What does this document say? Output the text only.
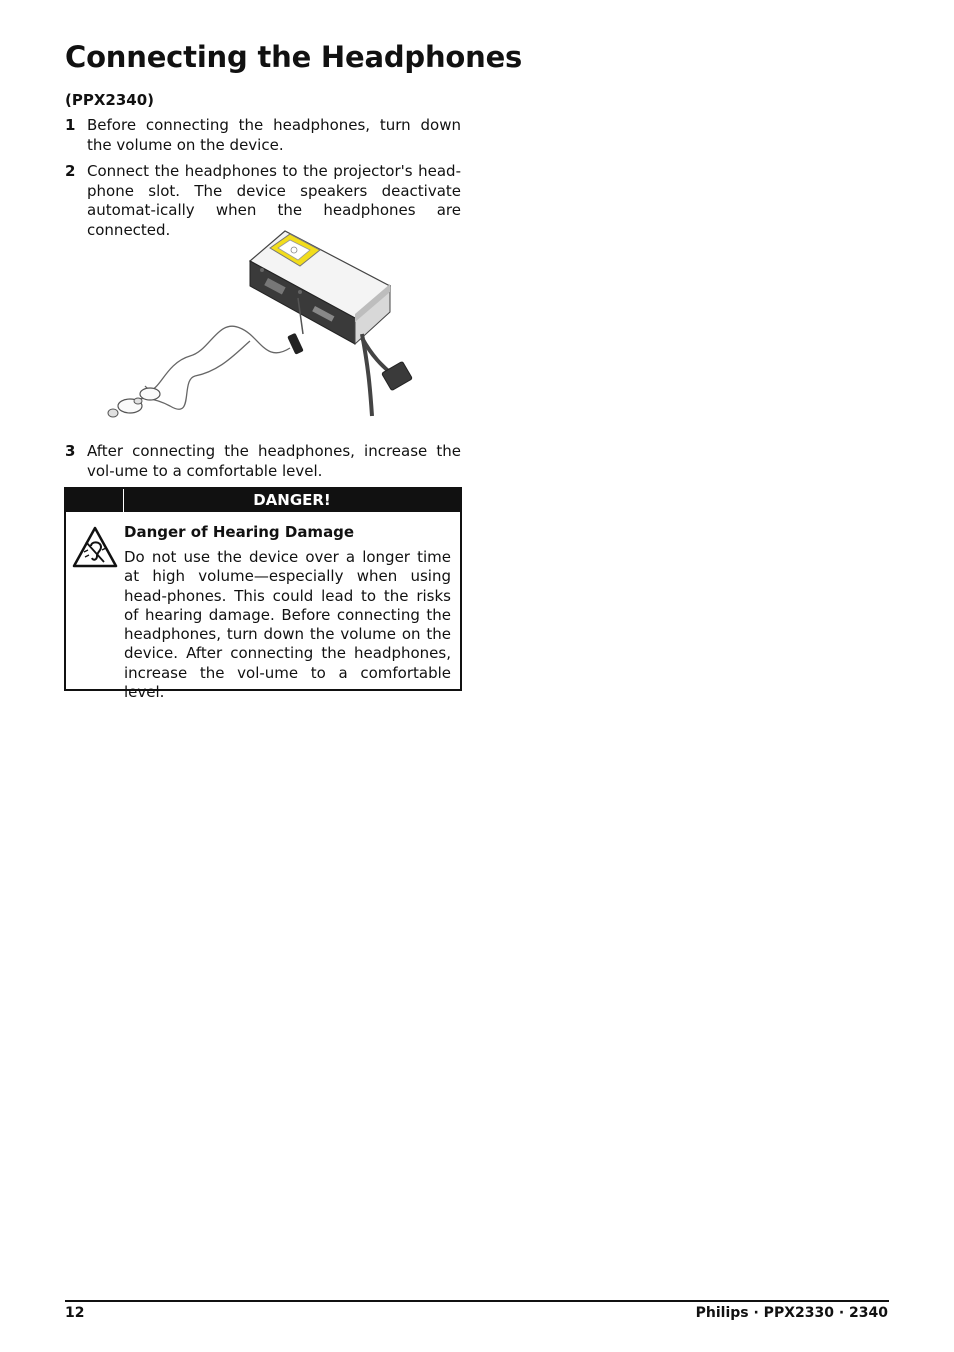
Connecting the Headphones
(PPX2340)
1 Before connecting the headphones, turn down the volume on the device.
2 Connect the headphones to the projector's head-phone slot. The device speakers deactivate automat-ically when the headphones are connected.
3 After connecting the headphones, increase the vol-ume to a comfortable level.
DANGER!
Danger of Hearing Damage

Do not use the device over a longer time at high volume—especially when using head-phones. This could lead to the risks of hearing damage. Before connecting the headphones, turn down the volume on the device. After connecting the headphones, increase the vol-ume to a comfortable level.

12	Philips · PPX2330 · 2340
